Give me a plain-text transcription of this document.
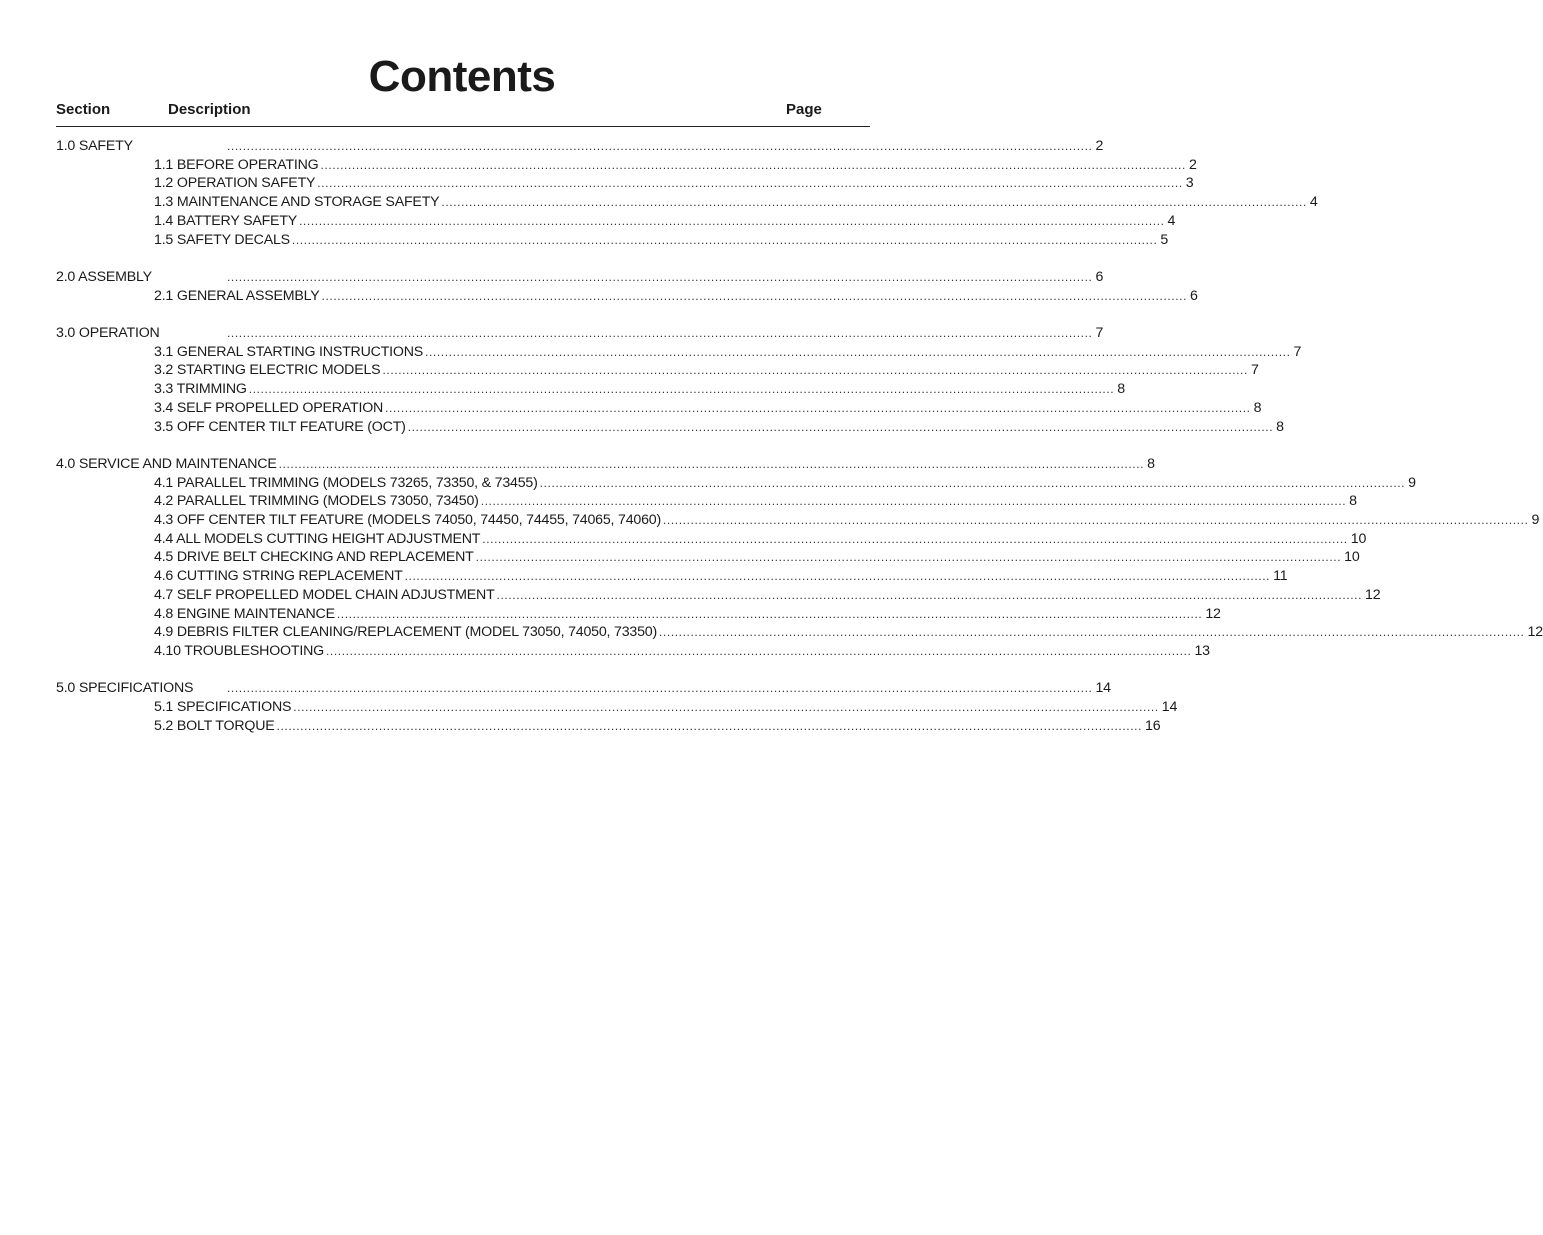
Contents
Section	Description	Page
1.0 SAFETY	............................................................................................................................................................................................................................ 2
1.1 BEFORE OPERATING ............................................................................................................................................................................................................................ 2
1.2 OPERATION SAFETY ............................................................................................................................................................................................................................ 3
1.3 MAINTENANCE AND STORAGE SAFETY ............................................................................................................................................................................................................................ 4
1.4 BATTERY SAFETY ............................................................................................................................................................................................................................ 4
1.5 SAFETY DECALS ............................................................................................................................................................................................................................ 5
2.0 ASSEMBLY	............................................................................................................................................................................................................................ 6
2.1 GENERAL ASSEMBLY ............................................................................................................................................................................................................................ 6
3.0 OPERATION	............................................................................................................................................................................................................................ 7
3.1 GENERAL STARTING INSTRUCTIONS ............................................................................................................................................................................................................................ 7
3.2 STARTING ELECTRIC MODELS ............................................................................................................................................................................................................................ 7
3.3 TRIMMING ............................................................................................................................................................................................................................ 8
3.4 SELF PROPELLED OPERATION ............................................................................................................................................................................................................................ 8
3.5 OFF CENTER TILT FEATURE (OCT) ............................................................................................................................................................................................................................ 8
4.0 SERVICE AND MAINTENANCE ............................................................................................................................................................................................................................ 8
4.1 PARALLEL TRIMMING (MODELS 73265, 73350, & 73455) ............................................................................................................................................................................................................................ 9
4.2 PARALLEL TRIMMING (MODELS 73050, 73450) ............................................................................................................................................................................................................................ 8
4.3 OFF CENTER TILT FEATURE (MODELS 74050, 74450, 74455, 74065, 74060) ............................................................................................................................................................................................................................ 9
4.4 ALL MODELS CUTTING HEIGHT ADJUSTMENT ............................................................................................................................................................................................................................ 10
4.5 DRIVE BELT CHECKING AND REPLACEMENT ............................................................................................................................................................................................................................ 10
4.6 CUTTING STRING REPLACEMENT ............................................................................................................................................................................................................................ 11
4.7 SELF PROPELLED MODEL CHAIN ADJUSTMENT ............................................................................................................................................................................................................................ 12
4.8 ENGINE MAINTENANCE ............................................................................................................................................................................................................................ 12
4.9 DEBRIS FILTER CLEANING/REPLACEMENT (MODEL 73050, 74050, 73350) ............................................................................................................................................................................................................................ 12
4.10 TROUBLESHOOTING ............................................................................................................................................................................................................................ 13
5.0 SPECIFICATIONS	............................................................................................................................................................................................................................ 14
5.1 SPECIFICATIONS ............................................................................................................................................................................................................................ 14
5.2 BOLT TORQUE ............................................................................................................................................................................................................................ 16
